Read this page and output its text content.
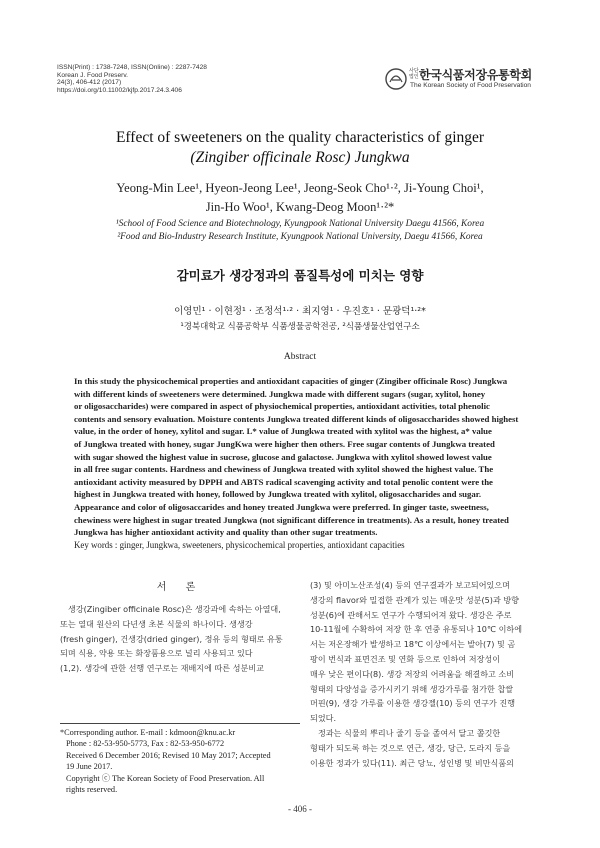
ISSN(Print) : 1738-7248, ISSN(Online) : 2287-7428
Korean J. Food Preserv.
24(3), 406-412 (2017)
https://doi.org/10.11002/kjfp.2017.24.3.406
사단
법인 한국식품저장유통학회
The Korean Society of Food Preservation
Effect of sweeteners on the quality characteristics of ginger
(Zingiber officinale Rosc) Jungkwa
Yeong-Min Lee¹, Hyeon-Jeong Lee¹, Jeong-Seok Cho¹·², Ji-Young Choi¹,
Jin-Ho Woo¹, Kwang-Deog Moon¹·²*
¹School of Food Science and Biotechnology, Kyungpook National University Daegu 41566, Korea
²Food and Bio-Industry Research Institute, Kyungpook National University, Daegu 41566, Korea
감미료가 생강정과의 품질특성에 미치는 영향
이영민¹ · 이현정¹ · 조정석¹·² · 최지영¹ · 우진호¹ · 문광덕¹·²*
¹경북대학교 식품공학부 식품생물공학전공, ²식품생물산업연구소
Abstract
In this study the physicochemical properties and antioxidant capacities of ginger (Zingiber officinale Rosc) Jungkwa
with different kinds of sweeteners were determined. Jungkwa made with different sugars (sugar, xylitol, honey
or oligosaccharides) were compared in aspect of physiochemical properties, antioxidant activities, total phenolic
contents and sensory evaluation. Moisture contents Jungkwa treated different kinds of oligosaccharides showed highest
value, in the order of honey, xylitol and sugar. L* value of Jungkwa treated with xylitol was the highest, a* value
of Jungkwa treated with honey, sugar JungKwa were higher then others. Free sugar contents of Jungkwa treated
with sugar showed the highest value in sucrose, glucose and galactose. Jungkwa with xylitol showed lowest value
in all free sugar contents. Hardness and chewiness of Jungkwa treated with xylitol showed the highest value. The
antioxidant activity measured by DPPH and ABTS radical scavenging activity and total penolic content were the
highest in Jungkwa treated with honey, followed by Jungkwa treated with xylitol, oligosaccharides and sugar.
Appearance and color of oligosaccarides and honey treated Jungkwa were preferred. In ginger taste, sweetness,
chewiness were highest in sugar treated Jungkwa (not significant difference in treatments). As a result, honey treated
Jungkwa has higher antioxidant activity and quality than other sugar treatments.
Key words : ginger, Jungkwa, sweeteners, physicochemical properties, antioxidant capacities
서 론
생강(Zingiber officinale Rosc)은 생강과에 속하는 아열대,
또는 열대 원산의 다년생 초본 식물의 하나이다. 생생강
(fresh ginger), 건생강(dried ginger), 정유 등의 형태로 유통
되며 식용, 약용 또는 화장품용으로 널리 사용되고 있다
(1,2). 생강에 관한 선행 연구로는 재배지에 따른 성분비교
*Corresponding author. E-mail : kdmoon@knu.ac.kr
Phone : 82-53-950-5773, Fax : 82-53-950-6772
Received 6 December 2016; Revised 10 May 2017; Accepted
19 June 2017.
Copyright ⓒ The Korean Society of Food Preservation. All
rights reserved.
(3) 및 아미노산조성(4) 등의 연구결과가 보고되어있으며
생강의 flavor와 밀접한 관계가 있는 매운맛 성분(5)과 방향
성분(6)에 관해서도 연구가 수행되어져 왔다. 생강은 주로
10-11월에 수확하여 저장 한 후 연중 유통되나 10℃ 이하에
서는 저온장해가 발생하고 18℃ 이상에서는 발아(7) 및 곰
팡이 번식과 표면건조 및 연화 등으로 인하여 저장성이
매우 낮은 편이다(8). 생강 저장의 어려움을 해결하고 소비
형태의 다양성을 증가시키기 위해 생강가루를 첨가한 찹쌀
머핀(9), 생강 가루를 이용한 생강젤(10) 등의 연구가 진행
되었다.
정과는 식물의 뿌리나 줄기 등을 졸여서 달고 쫄깃한
형태가 되도록 하는 것으로 연근, 생강, 당근, 도라지 등을
이용한 정과가 있다(11). 최근 당뇨, 성인병 및 비만식품의
- 406 -
